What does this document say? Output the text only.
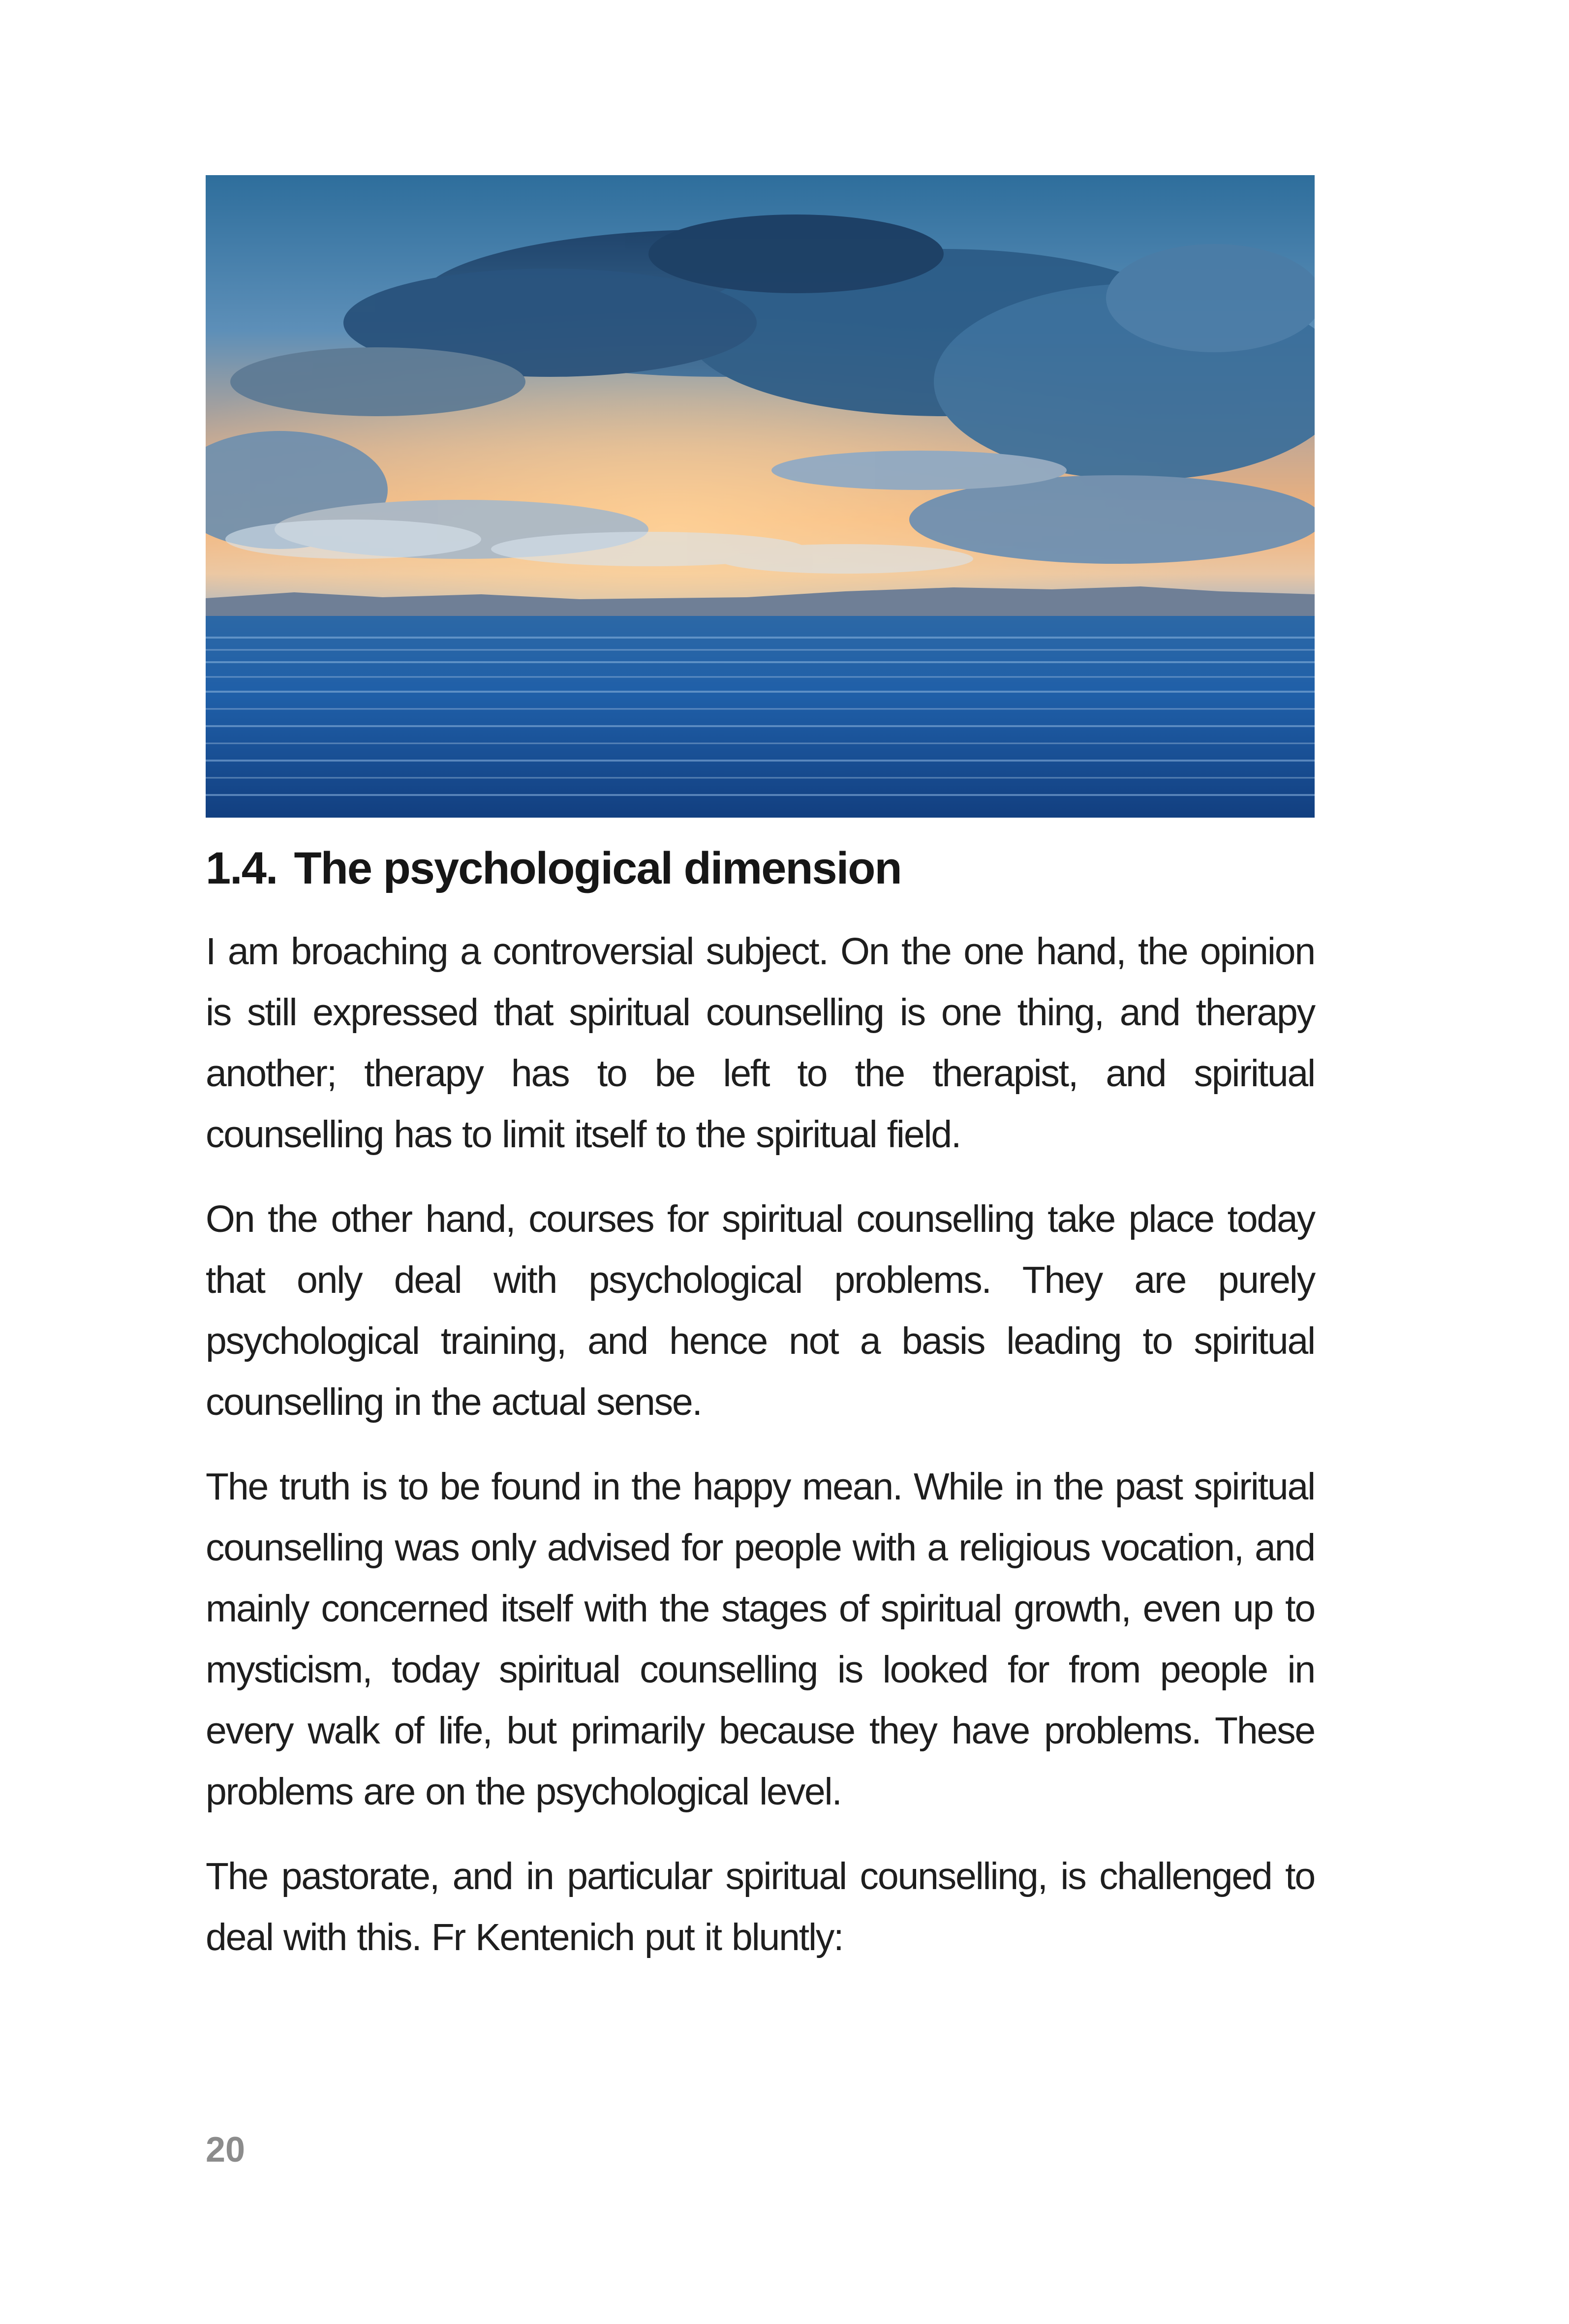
1.4. The psychological dimension

I am broaching a controversial subject. On the one hand, the opinion is still expressed that spiritual counselling is one thing, and therapy another; therapy has to be left to the therapist, and spiritual counselling has to limit itself to the spiritual field.

On the other hand, courses for spiritual counselling take place today that only deal with psychological problems. They are purely psychological training, and hence not a basis leading to spiritual counselling in the actual sense.

The truth is to be found in the happy mean. While in the past spiritual counselling was only advised for people with a religious vocation, and mainly concerned itself with the stages of spiritual growth, even up to mysticism, today spiritual counselling is looked for from people in every walk of life, but primarily because they have problems. These problems are on the psychological level.

The pastorate, and in particular spiritual counselling, is challenged to deal with this. Fr Kentenich put it bluntly:

20
